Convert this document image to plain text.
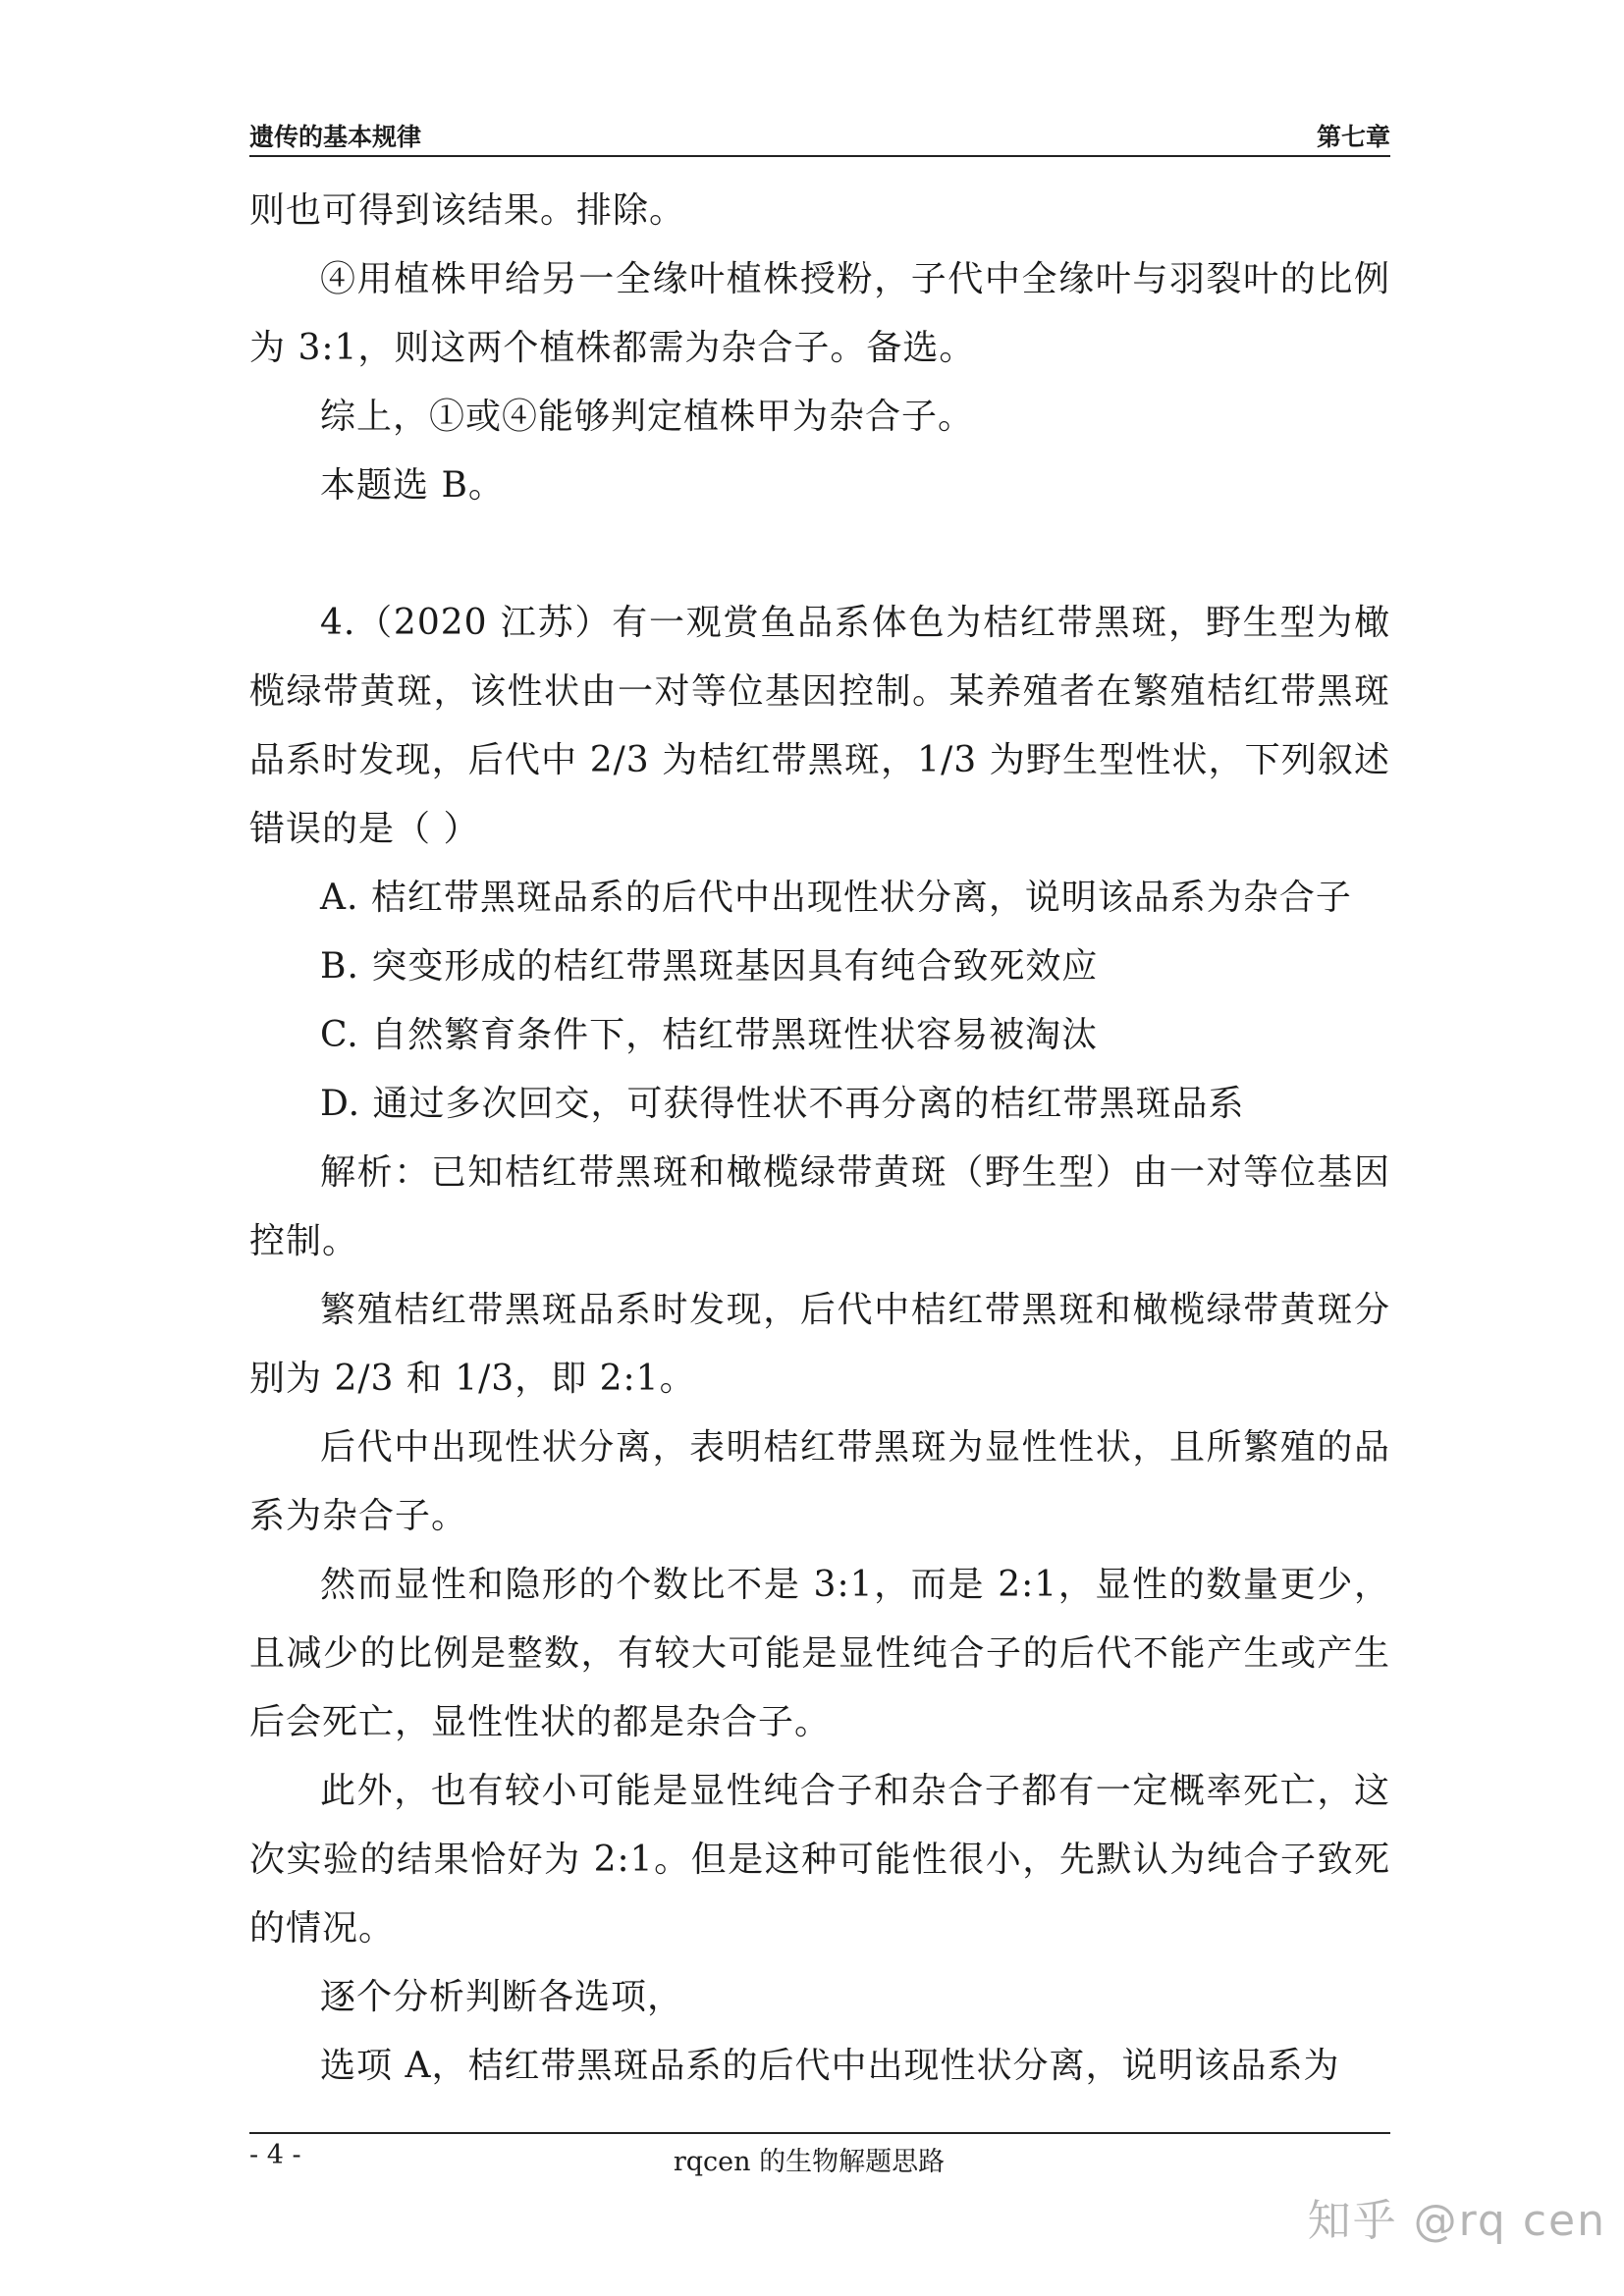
遗传的基本规律	第七章

则也可得到该结果。排除。

④用植株甲给另一全缘叶植株授粉，子代中全缘叶与羽裂叶的比例为 3:1，则这两个植株都需为杂合子。备选。

综上，①或④能够判定植株甲为杂合子。

本题选 B。

4.（2020 江苏）有一观赏鱼品系体色为桔红带黑斑，野生型为橄榄绿带黄斑，该性状由一对等位基因控制。某养殖者在繁殖桔红带黑斑品系时发现，后代中 2/3 为桔红带黑斑，1/3 为野生型性状，下列叙述错误的是（ ）

A. 桔红带黑斑品系的后代中出现性状分离，说明该品系为杂合子

B. 突变形成的桔红带黑斑基因具有纯合致死效应

C. 自然繁育条件下，桔红带黑斑性状容易被淘汰

D. 通过多次回交，可获得性状不再分离的桔红带黑斑品系

解析：已知桔红带黑斑和橄榄绿带黄斑（野生型）由一对等位基因控制。

繁殖桔红带黑斑品系时发现，后代中桔红带黑斑和橄榄绿带黄斑分别为 2/3 和 1/3，即 2:1。

后代中出现性状分离，表明桔红带黑斑为显性性状，且所繁殖的品系为杂合子。

然而显性和隐形的个数比不是 3:1，而是 2:1，显性的数量更少，且减少的比例是整数，有较大可能是显性纯合子的后代不能产生或产生后会死亡，显性性状的都是杂合子。

此外，也有较小可能是显性纯合子和杂合子都有一定概率死亡，这次实验的结果恰好为 2:1。但是这种可能性很小，先默认为纯合子致死的情况。

逐个分析判断各选项，

选项 A，桔红带黑斑品系的后代中出现性状分离，说明该品系为

- 4 -	rqcen 的生物解题思路
知乎 @rq cen
